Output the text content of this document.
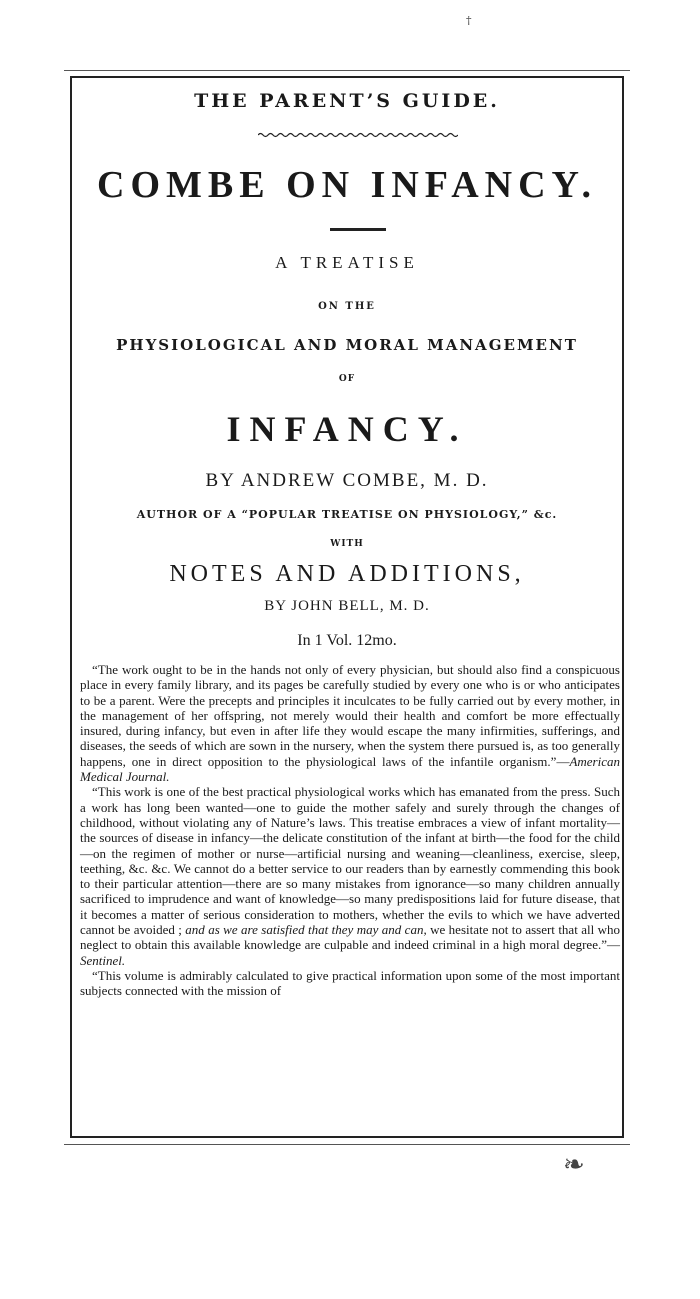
†
THE PARENT’S GUIDE.
COMBE ON INFANCY.
A TREATISE
ON THE
PHYSIOLOGICAL AND MORAL MANAGEMENT
OF
INFANCY.
BY ANDREW COMBE, M. D.
AUTHOR OF A “POPULAR TREATISE ON PHYSIOLOGY,” &c.
WITH
NOTES AND ADDITIONS,
BY JOHN BELL, M. D.
In 1 Vol. 12mo.

“The work ought to be in the hands not only of every physician, but should also find a conspicuous place in every family library, and its pages be carefully studied by every one who is or who anticipates to be a parent. Were the precepts and principles it inculcates to be fully carried out by every mother, in the management of her offspring, not merely would their health and comfort be more effectually insured, during infancy, but even in after life they would escape the many infirmities, sufferings, and diseases, the seeds of which are sown in the nursery, when the system there pursued is, as too generally happens, one in direct opposition to the physiological laws of the infantile organism.”—American Medical Journal.

“This work is one of the best practical physiological works which has emanated from the press. Such a work has long been wanted—one to guide the mother safely and surely through the changes of childhood, without violating any of Nature’s laws. This treatise embraces a view of infant mortality—the sources of disease in infancy—the delicate constitution of the infant at birth—the food for the child—on the regimen of mother or nurse—artificial nursing and weaning—cleanliness, exercise, sleep, teething, &c. &c. We cannot do a better service to our readers than by earnestly commending this book to their particular attention—there are so many mistakes from ignorance—so many children annually sacrificed to imprudence and want of knowledge—so many predispositions laid for future disease, that it becomes a matter of serious consideration to mothers, whether the evils to which we have adverted cannot be avoided ; and as we are satisfied that they may and can, we hesitate not to assert that all who neglect to obtain this available knowledge are culpable and indeed criminal in a high moral degree.”—Sentinel.

“This volume is admirably calculated to give practical information upon some of the most important subjects connected with the mission of

❧
